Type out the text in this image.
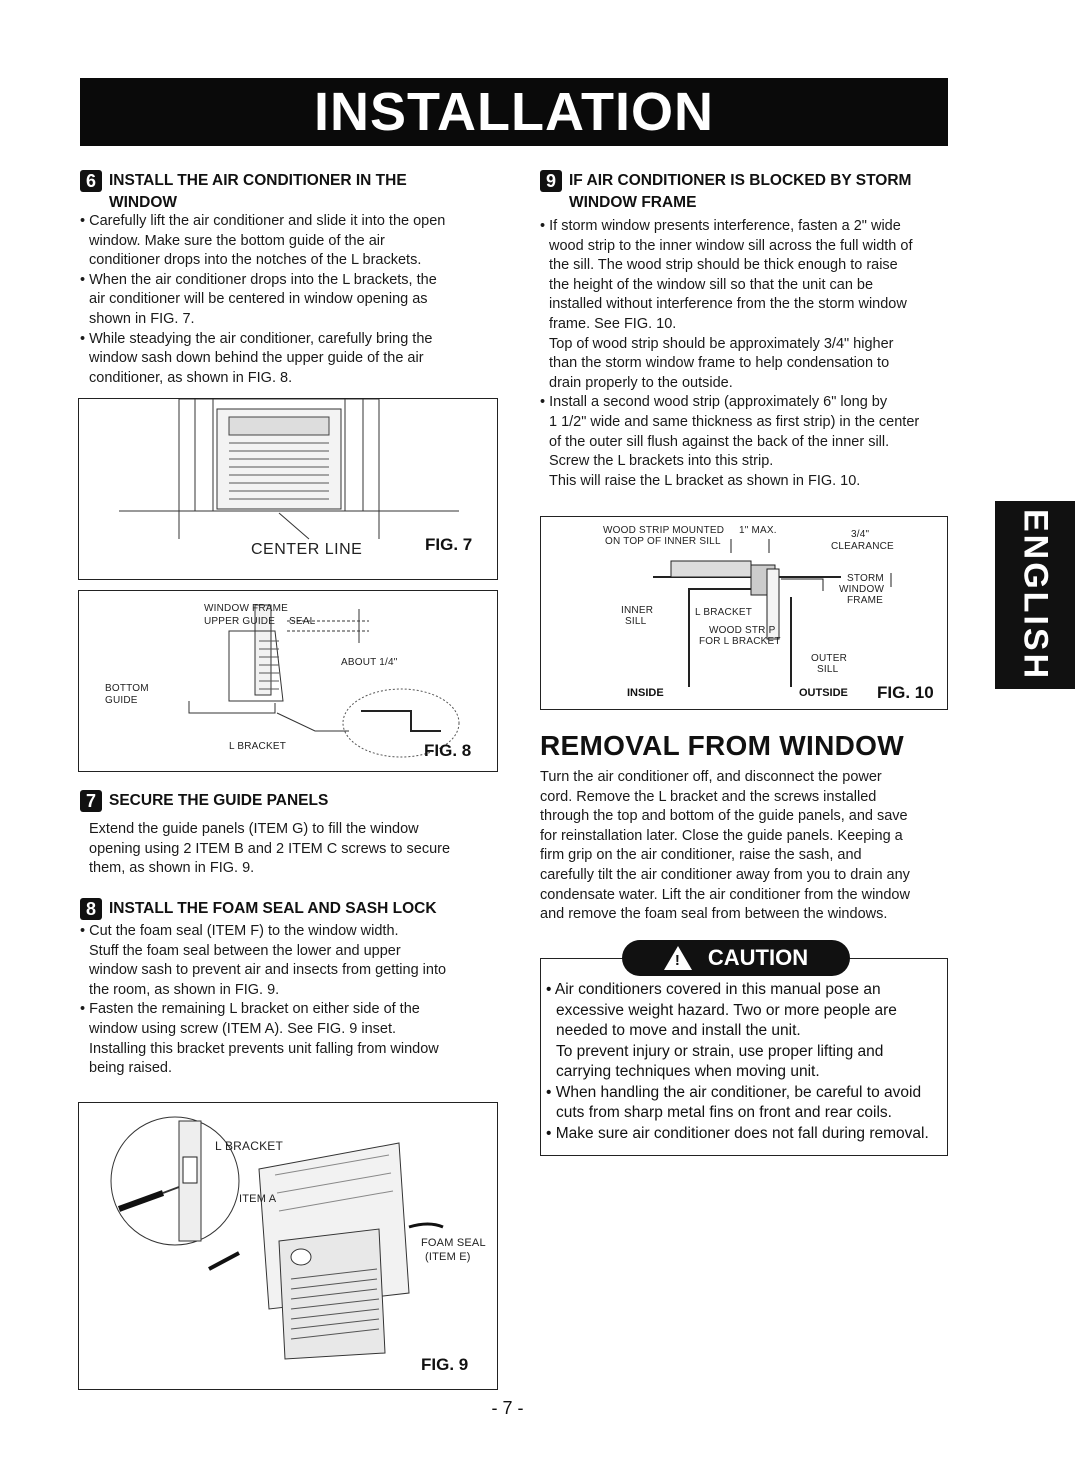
INSTALLATION
6 INSTALL THE AIR CONDITIONER IN THE
WINDOW

• Carefully lift the air conditioner and slide it into the open

window. Make sure the bottom guide of the air

conditioner drops into the notches of the L brackets.

• When the air conditioner drops into the L brackets, the

air conditioner will be centered in window opening as

shown in FIG. 7.

• While steadying the air conditioner, carefully bring the

window sash down behind the upper guide of the air

conditioner, as shown in FIG. 8.

CENTER LINE	FIG. 7
WINDOW FRAME
UPPER GUIDE SEAL
ABOUT 1/4"
BOTTOM
GUIDE
L BRACKET	FIG. 8
7 SECURE THE GUIDE PANELS

Extend the guide panels (ITEM G) to fill the window

opening using 2 ITEM B and 2 ITEM C screws to secure

them, as shown in FIG. 9.

8 INSTALL THE FOAM SEAL AND SASH LOCK

• Cut the foam seal (ITEM F) to the window width.

Stuff the foam seal between the lower and upper

window sash to prevent air and insects from getting into

the room, as shown in FIG. 9.

• Fasten the remaining L bracket on either side of the

window using screw (ITEM A). See FIG. 9 inset.

Installing this bracket prevents unit falling from window

being raised.

L BRACKET
ITEM A
FOAM SEAL
(ITEM E)
FIG. 9
9 IF AIR CONDITIONER IS BLOCKED BY STORM
WINDOW FRAME

• If storm window presents interference, fasten a 2" wide

wood strip to the inner window sill across the full width of

the sill. The wood strip should be thick enough to raise

the height of the window sill so that the unit can be

installed without interference from the the storm window

frame. See FIG. 10.

Top of wood strip should be approximately 3/4" higher

than the storm window frame to help condensation to

drain properly to the outside.

• Install a second wood strip (approximately 6" long by

1 1/2" wide and same thickness as first strip) in the center

of the outer sill flush against the back of the inner sill.

Screw the L brackets into this strip.

This will raise the L bracket as shown in FIG. 10.

WOOD STRIP MOUNTED
ON TOP OF INNER SILL
1" MAX.	3/4"
CLEARANCE
STORM
WINDOW
FRAME
INNER
SILL
L BRACKET
WOOD STRIP
FOR L BRACKET
OUTER
SILL
INSIDE	OUTSIDE FIG. 10
REMOVAL FROM WINDOW

Turn the air conditioner off, and disconnect the power

cord. Remove the L bracket and the screws installed

through the top and bottom of the guide panels, and save

for reinstallation later. Close the guide panels. Keeping a

firm grip on the air conditioner, raise the sash, and

carefully tilt the air conditioner away from you to drain any

condensate water. Lift the air conditioner from the window

and remove the foam seal from between the windows.

! CAUTION
• Air conditioners covered in this manual pose an
excessive weight hazard. Two or more people are
needed to move and install the unit.
To prevent injury or strain, use proper lifting and
carrying techniques when moving unit.
• When handling the air conditioner, be careful to avoid
cuts from sharp metal fins on front and rear coils.
• Make sure air conditioner does not fall during removal.
ENGLISH
- 7 -
